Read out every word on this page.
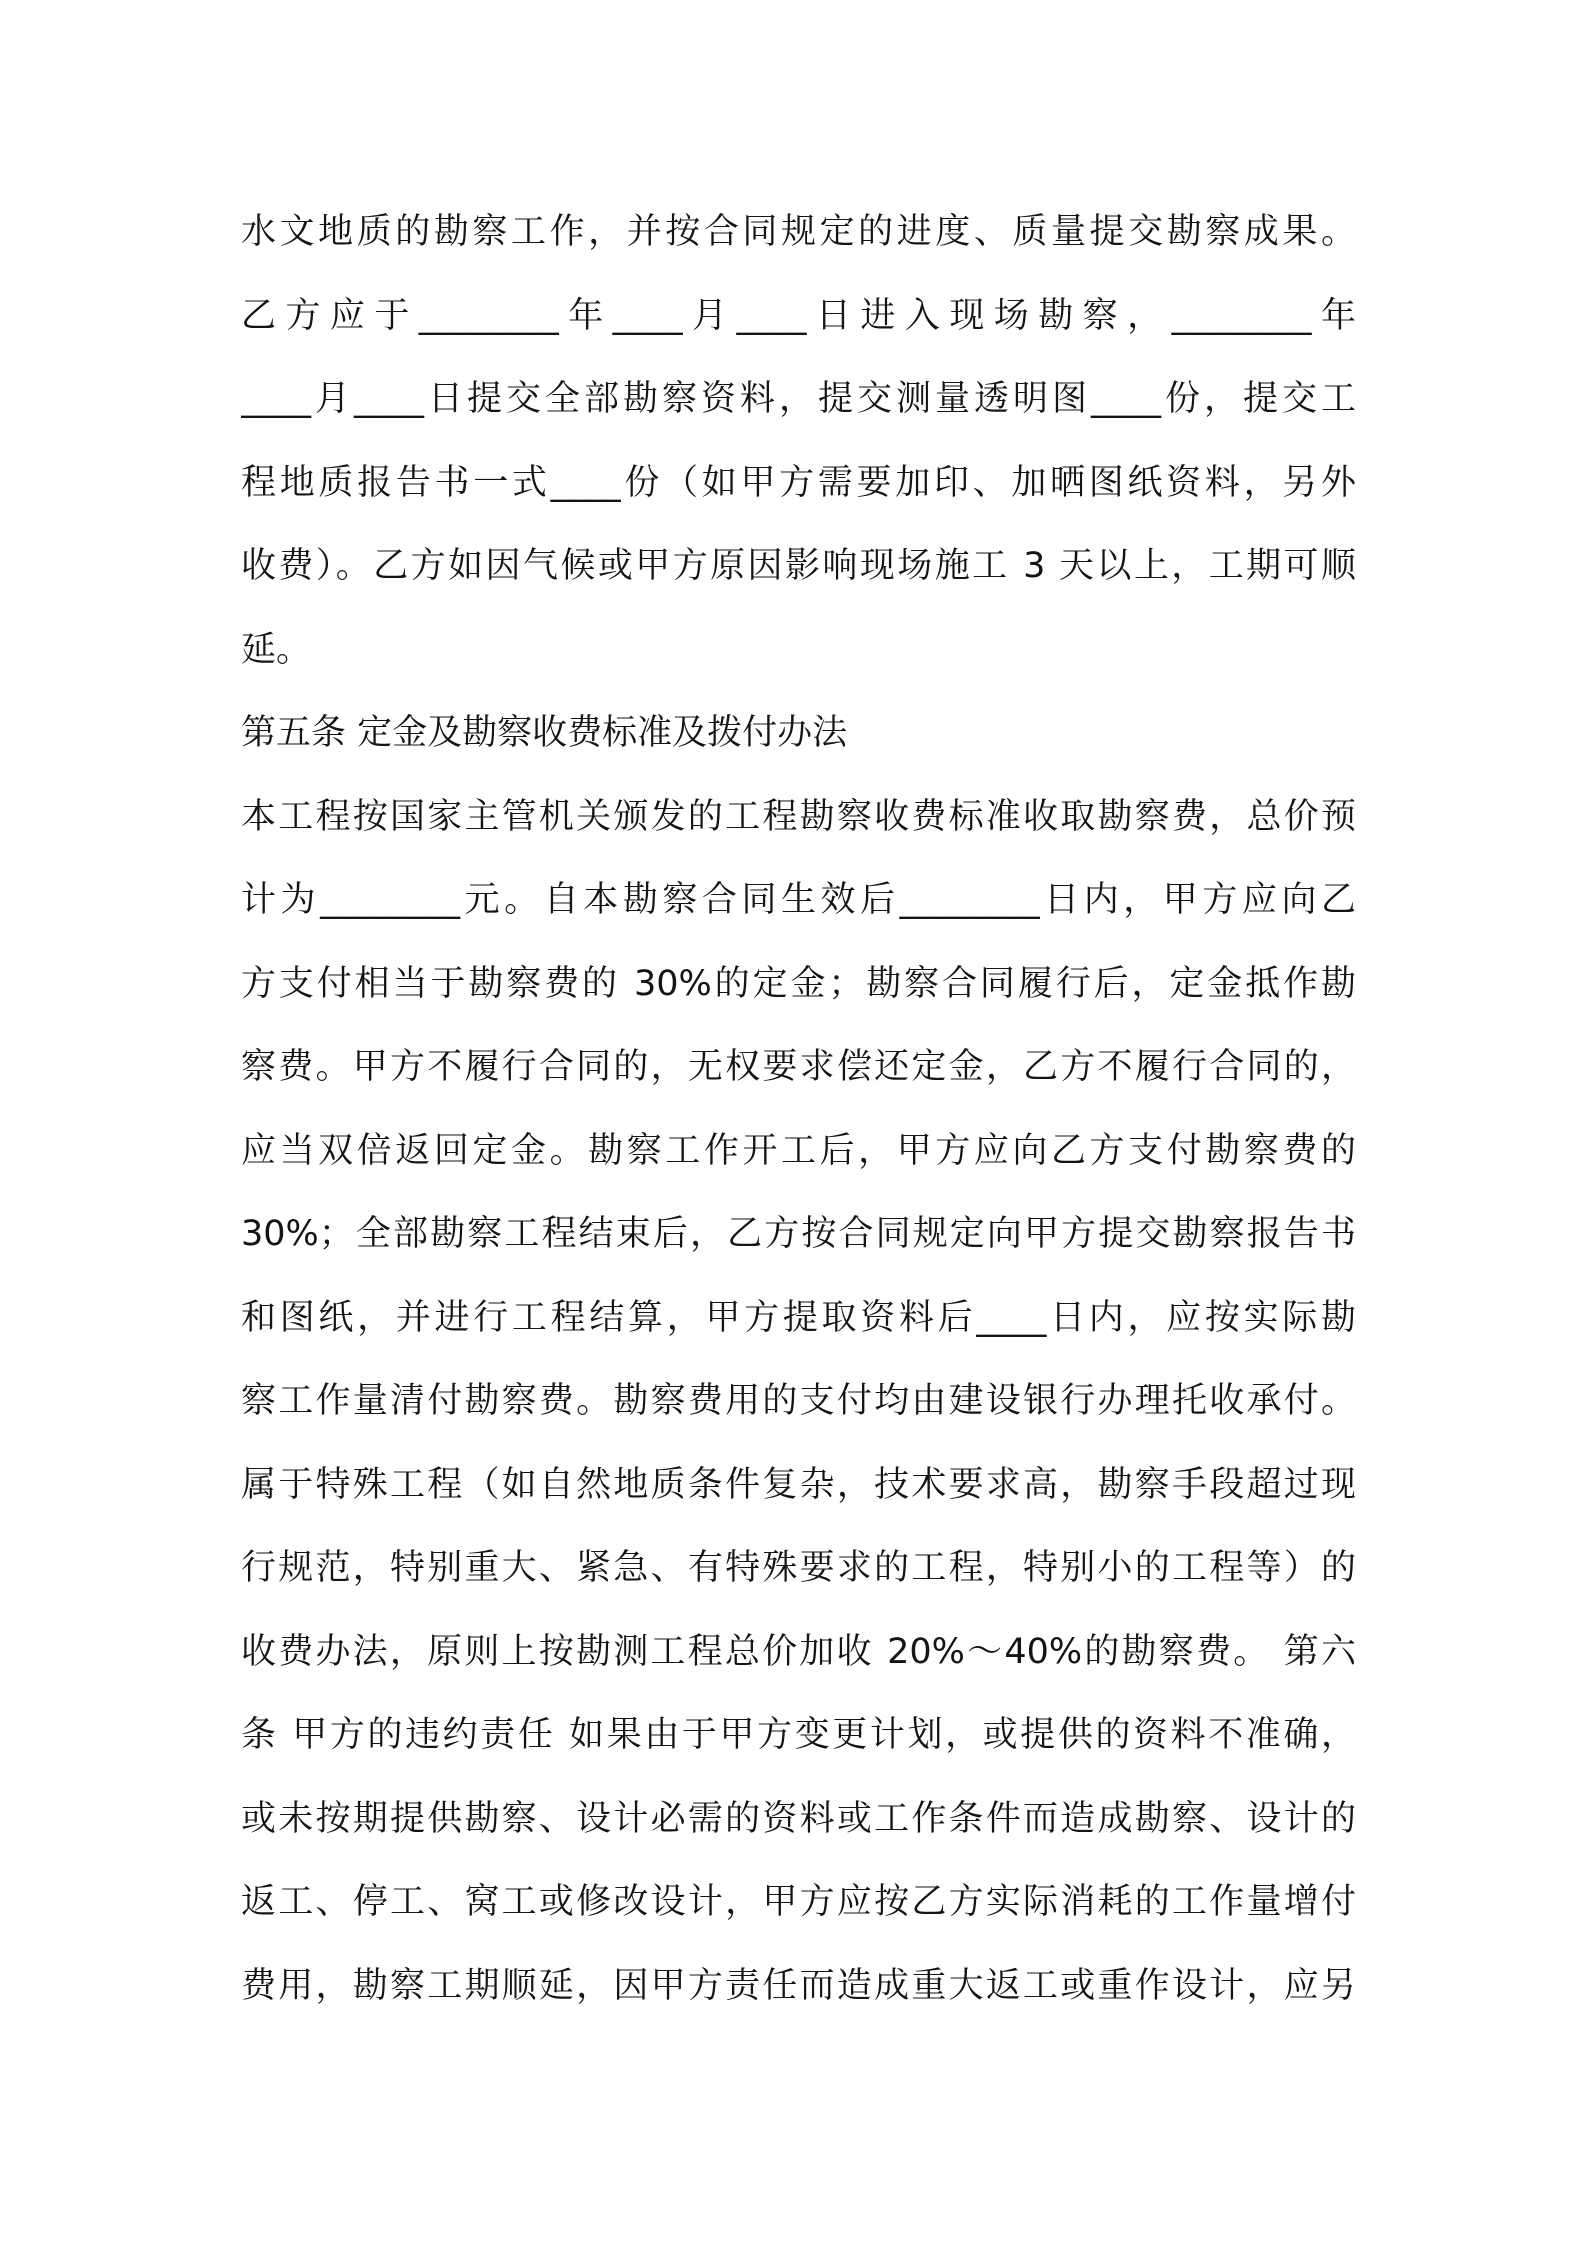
水文地质的勘察工作，并按合同规定的进度、质量提交勘察成果。
乙方应于________年____月____日进入现场勘察，________年
____月____日提交全部勘察资料，提交测量透明图____份，提交工
程地质报告书一式____份（如甲方需要加印、加晒图纸资料，另外
收费）。乙方如因气候或甲方原因影响现场施工 3 天以上，工期可顺
延。
第五条 定金及勘察收费标准及拨付办法
本工程按国家主管机关颁发的工程勘察收费标准收取勘察费，总价预
计为________元。自本勘察合同生效后________日内，甲方应向乙
方支付相当于勘察费的 30%的定金；勘察合同履行后，定金抵作勘
察费。甲方不履行合同的，无权要求偿还定金，乙方不履行合同的，
应当双倍返回定金。勘察工作开工后，甲方应向乙方支付勘察费的
30%；全部勘察工程结束后，乙方按合同规定向甲方提交勘察报告书
和图纸，并进行工程结算，甲方提取资料后____日内，应按实际勘
察工作量清付勘察费。勘察费用的支付均由建设银行办理托收承付。
属于特殊工程（如自然地质条件复杂，技术要求高，勘察手段超过现
行规范，特别重大、紧急、有特殊要求的工程，特别小的工程等）的
收费办法，原则上按勘测工程总价加收 20%～40%的勘察费。 第六
条 甲方的违约责任 如果由于甲方变更计划，或提供的资料不准确，
或未按期提供勘察、设计必需的资料或工作条件而造成勘察、设计的
返工、停工、窝工或修改设计，甲方应按乙方实际消耗的工作量增付
费用，勘察工期顺延，因甲方责任而造成重大返工或重作设计，应另
